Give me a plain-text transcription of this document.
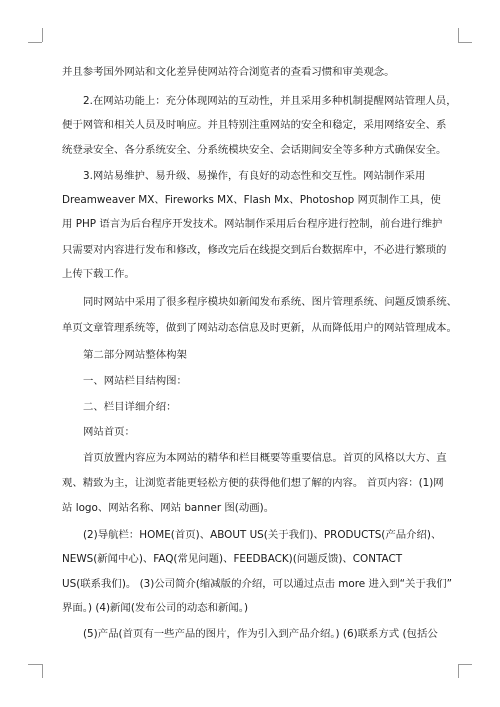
并且参考国外网站和文化差异使网站符合浏览者的查看习惯和审美观念。
2.在网站功能上：充分体现网站的互动性，并且采用多种机制提醒网站管理人员，
便于网管和相关人员及时响应。并且特别注重网站的安全和稳定，采用网络安全、系
统登录安全、各分系统安全、分系统模块安全、会话期间安全等多种方式确保安全。
3.网站易维护、易升级、易操作，有良好的动态性和交互性。网站制作采用
Dreamweaver MX、Fireworks MX、Flash Mx、Photoshop 网页制作工具，使
用 PHP 语言为后台程序开发技术。网站制作采用后台程序进行控制，前台进行维护
只需要对内容进行发布和修改，修改完后在线提交到后台数据库中，不必进行繁琐的
上传下载工作。
同时网站中采用了很多程序模块如新闻发布系统、图片管理系统、问题反馈系统、
单页文章管理系统等，做到了网站动态信息及时更新，从而降低用户的网站管理成本。
第二部分网站整体构架
一、网站栏目结构图：
二、栏目详细介绍：
网站首页：
首页放置内容应为本网站的精华和栏目概要等重要信息。首页的风格以大方、直
观、精致为主，让浏览者能更轻松方便的获得他们想了解的内容。 首页内容：(1)网
站 logo、网站名称、网站 banner 图(动画)。
(2)导航栏：HOME(首页)、ABOUT US(关于我们)、PRODUCTS(产品介绍)、
NEWS(新闻中心)、FAQ(常见问题)、FEEDBACK)(问题反馈)、CONTACT
US(联系我们)。 (3)公司简介(缩减版的介绍，可以通过点击 more 进入到“关于我们”
界面。) (4)新闻(发布公司的动态和新闻。)
(5)产品(首页有一些产品的图片，作为引入到产品介绍。) (6)联系方式 (包括公
